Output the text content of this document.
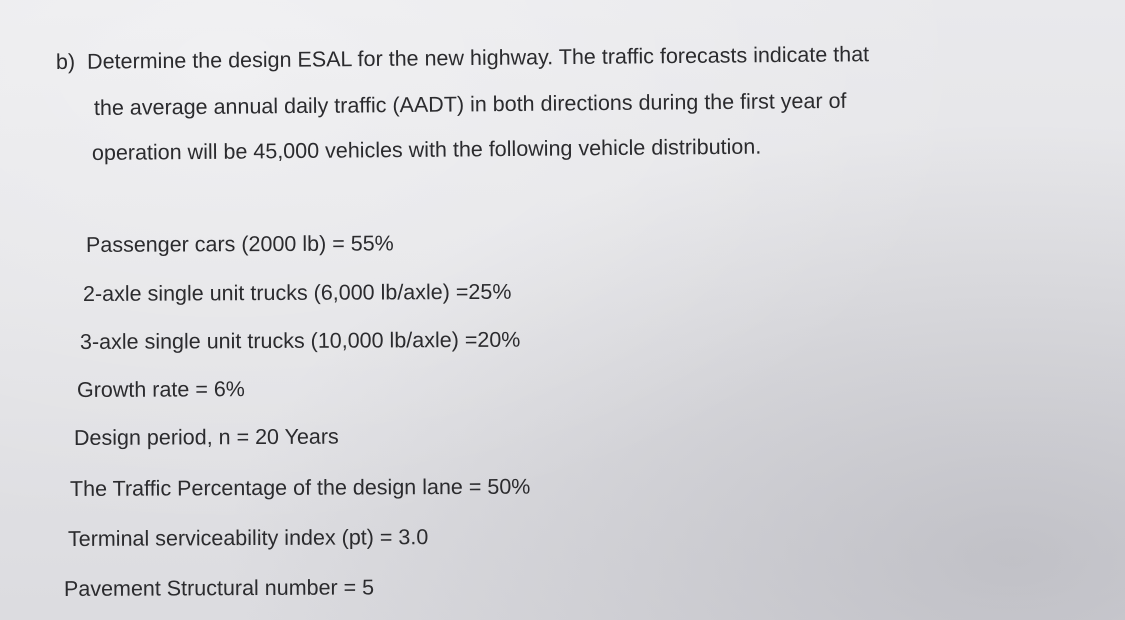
b) Determine the design ESAL for the new highway. The traffic forecasts indicate that
the average annual daily traffic (AADT) in both directions during the first year of
operation will be 45,000 vehicles with the following vehicle distribution.
Passenger cars (2000 lb) = 55%
2-axle single unit trucks (6,000 lb/axle) =25%
3-axle single unit trucks (10,000 lb/axle) =20%
Growth rate = 6%
Design period, n = 20 Years
The Traffic Percentage of the design lane = 50%
Terminal serviceability index (pt) = 3.0
Pavement Structural number = 5
